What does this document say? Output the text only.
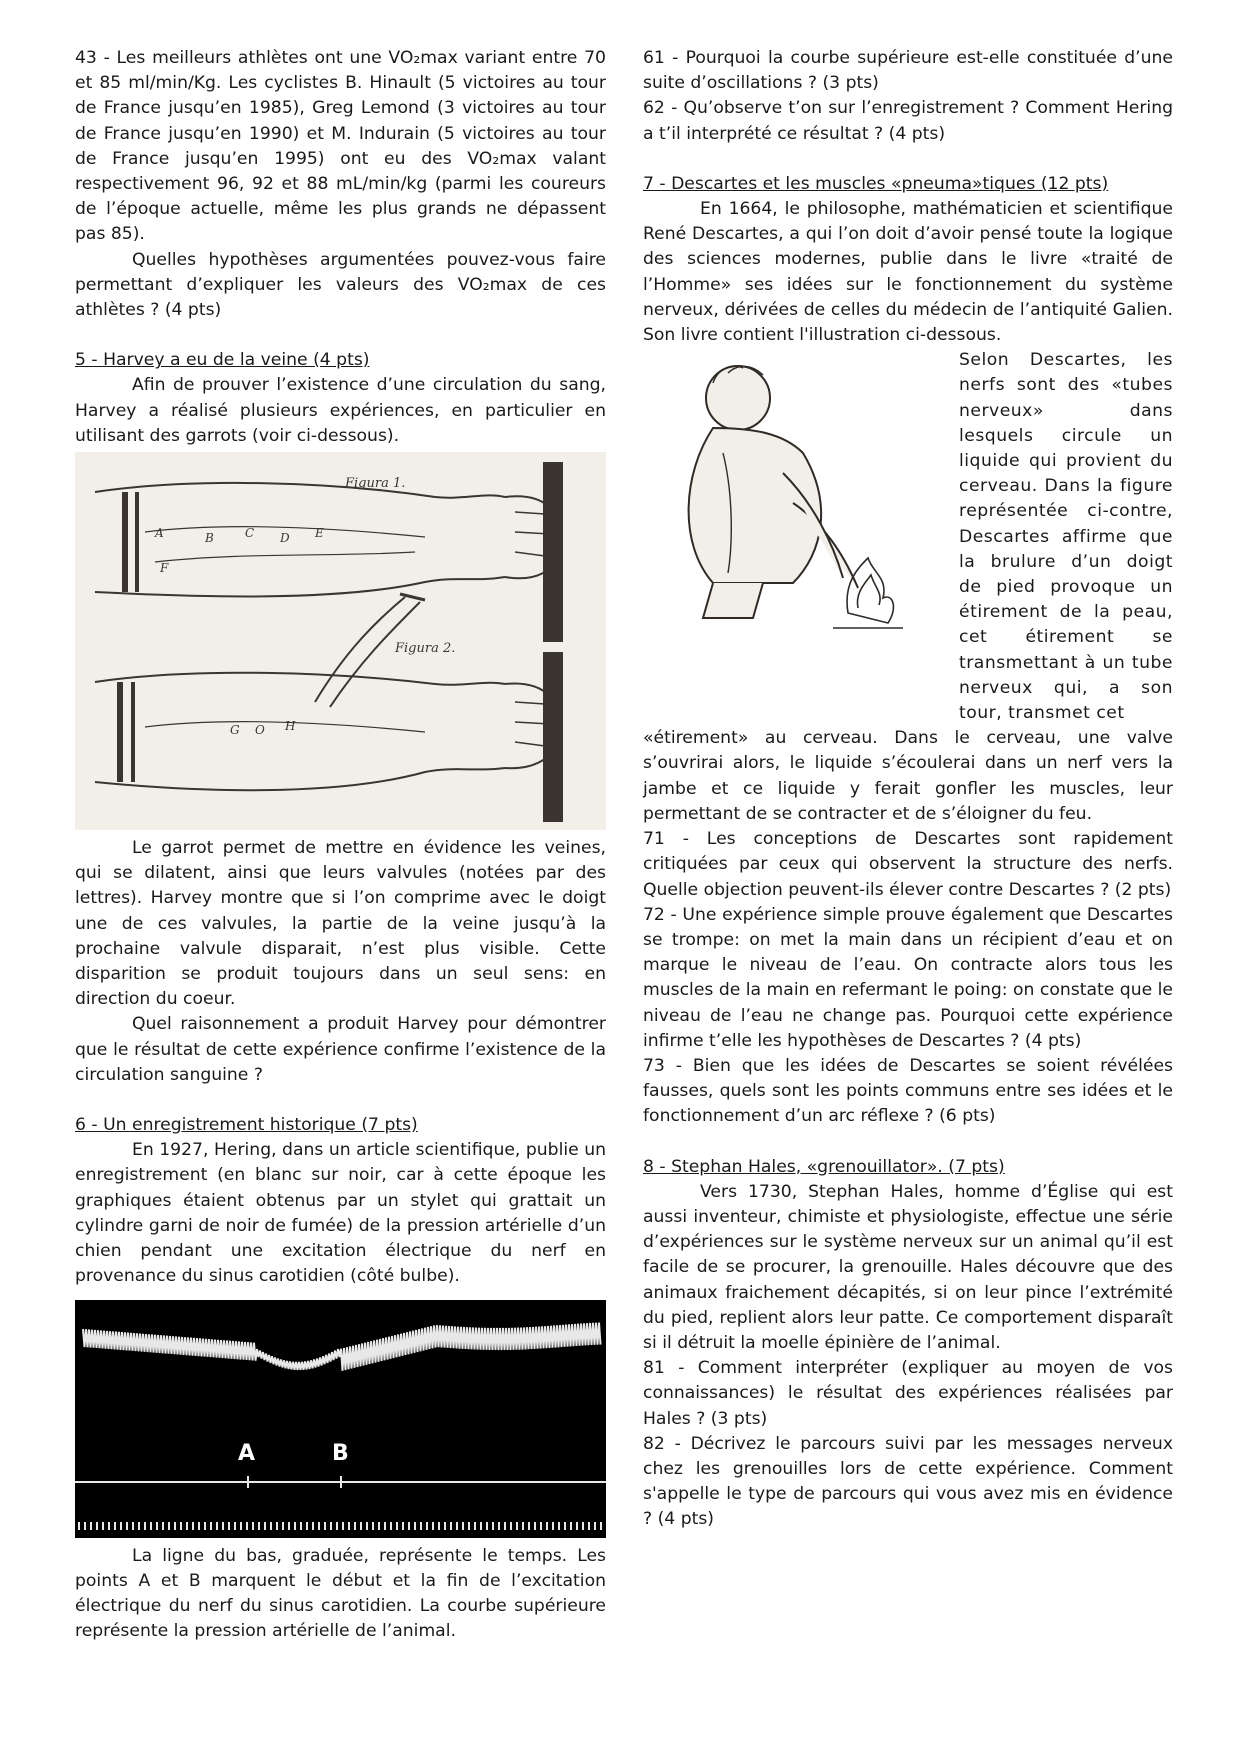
43 - Les meilleurs athlètes ont une VO₂max variant entre 70 et 85 ml/min/Kg. Les cyclistes B. Hinault (5 victoires au tour de France jusqu’en 1985), Greg Lemond (3 victoires au tour de France jusqu’en 1990) et M. Indurain (5 victoires au tour de France jusqu’en 1995) ont eu des VO₂max valant respectivement 96, 92 et 88 mL/min/kg (parmi les coureurs de l’époque actuelle, même les plus grands ne dépassent pas 85).

Quelles hypothèses argumentées pouvez-vous faire permettant d’expliquer les valeurs des VO₂max de ces athlètes ? (4 pts)

5 - Harvey a eu de la veine (4 pts)

Afin de prouver l’existence d’une circulation du sang, Harvey a réalisé plusieurs expériences, en particulier en utilisant des garrots (voir ci-dessous).

Figura 1.
Figura 2.
A	B	C D E
F
G O H

Le garrot permet de mettre en évidence les veines, qui se dilatent, ainsi que leurs valvules (notées par des lettres). Harvey montre que si l’on comprime avec le doigt une de ces valvules, la partie de la veine jusqu’à la prochaine valvule disparait, n’est plus visible. Cette disparition se produit toujours dans un seul sens: en direction du coeur.

Quel raisonnement a produit Harvey pour démontrer que le résultat de cette expérience confirme l’existence de la circulation sanguine ?

6 - Un enregistrement historique (7 pts)

En 1927, Hering, dans un article scientifique, publie un enregistrement (en blanc sur noir, car à cette époque les graphiques étaient obtenus par un stylet qui grattait un cylindre garni de noir de fumée) de la pression artérielle d’un chien pendant une excitation électrique du nerf en provenance du sinus carotidien (côté bulbe).

A	B

La ligne du bas, graduée, représente le temps. Les points A et B marquent le début et la fin de l’excitation électrique du nerf du sinus carotidien. La courbe supérieure représente la pression artérielle de l’animal.

61 - Pourquoi la courbe supérieure est-elle constituée d’une suite d’oscillations ? (3 pts)

62 - Qu’observe t’on sur l’enregistrement ? Comment Hering a t’il interprété ce résultat ? (4 pts)

7 - Descartes et les muscles «pneuma»tiques (12 pts)

En 1664, le philosophe, mathématicien et scientifique René Descartes, a qui l’on doit d’avoir pensé toute la logique des sciences modernes, publie dans le livre «traité de l’Homme» ses idées sur le fonctionnement du système nerveux, dérivées de celles du médecin de l’antiquité Galien. Son livre contient l'illustration ci-dessous.

Selon Descartes, les nerfs sont des «tubes nerveux» dans lesquels circule un liquide qui provient du cerveau. Dans la figure représentée ci-contre, Descartes affirme que la brulure d’un doigt de pied provoque un étirement de la peau, cet étirement se transmettant à un tube nerveux qui, a son tour, transmet cet

«étirement» au cerveau. Dans le cerveau, une valve s’ouvrirai alors, le liquide s’écoulerai dans un nerf vers la jambe et ce liquide y ferait gonfler les muscles, leur permettant de se contracter et de s’éloigner du feu.

71 - Les conceptions de Descartes sont rapidement critiquées par ceux qui observent la structure des nerfs. Quelle objection peuvent-ils élever contre Descartes ? (2 pts)

72 - Une expérience simple prouve également que Descartes se trompe: on met la main dans un récipient d’eau et on marque le niveau de l’eau. On contracte alors tous les muscles de la main en refermant le poing: on constate que le niveau de l’eau ne change pas. Pourquoi cette expérience infirme t’elle les hypothèses de Descartes ? (4 pts)

73 - Bien que les idées de Descartes se soient révélées fausses, quels sont les points communs entre ses idées et le fonctionnement d’un arc réflexe ? (6 pts)

8 - Stephan Hales, «grenouillator». (7 pts)

Vers 1730, Stephan Hales, homme d’Église qui est aussi inventeur, chimiste et physiologiste, effectue une série d’expériences sur le système nerveux sur un animal qu’il est facile de se procurer, la grenouille. Hales découvre que des animaux fraichement décapités, si on leur pince l’extrémité du pied, replient alors leur patte. Ce comportement disparaît si il détruit la moelle épinière de l’animal.

81 - Comment interpréter (expliquer au moyen de vos connaissances) le résultat des expériences réalisées par Hales ? (3 pts)

82 - Décrivez le parcours suivi par les messages nerveux chez les grenouilles lors de cette expérience. Comment s'appelle le type de parcours qui vous avez mis en évidence ? (4 pts)
